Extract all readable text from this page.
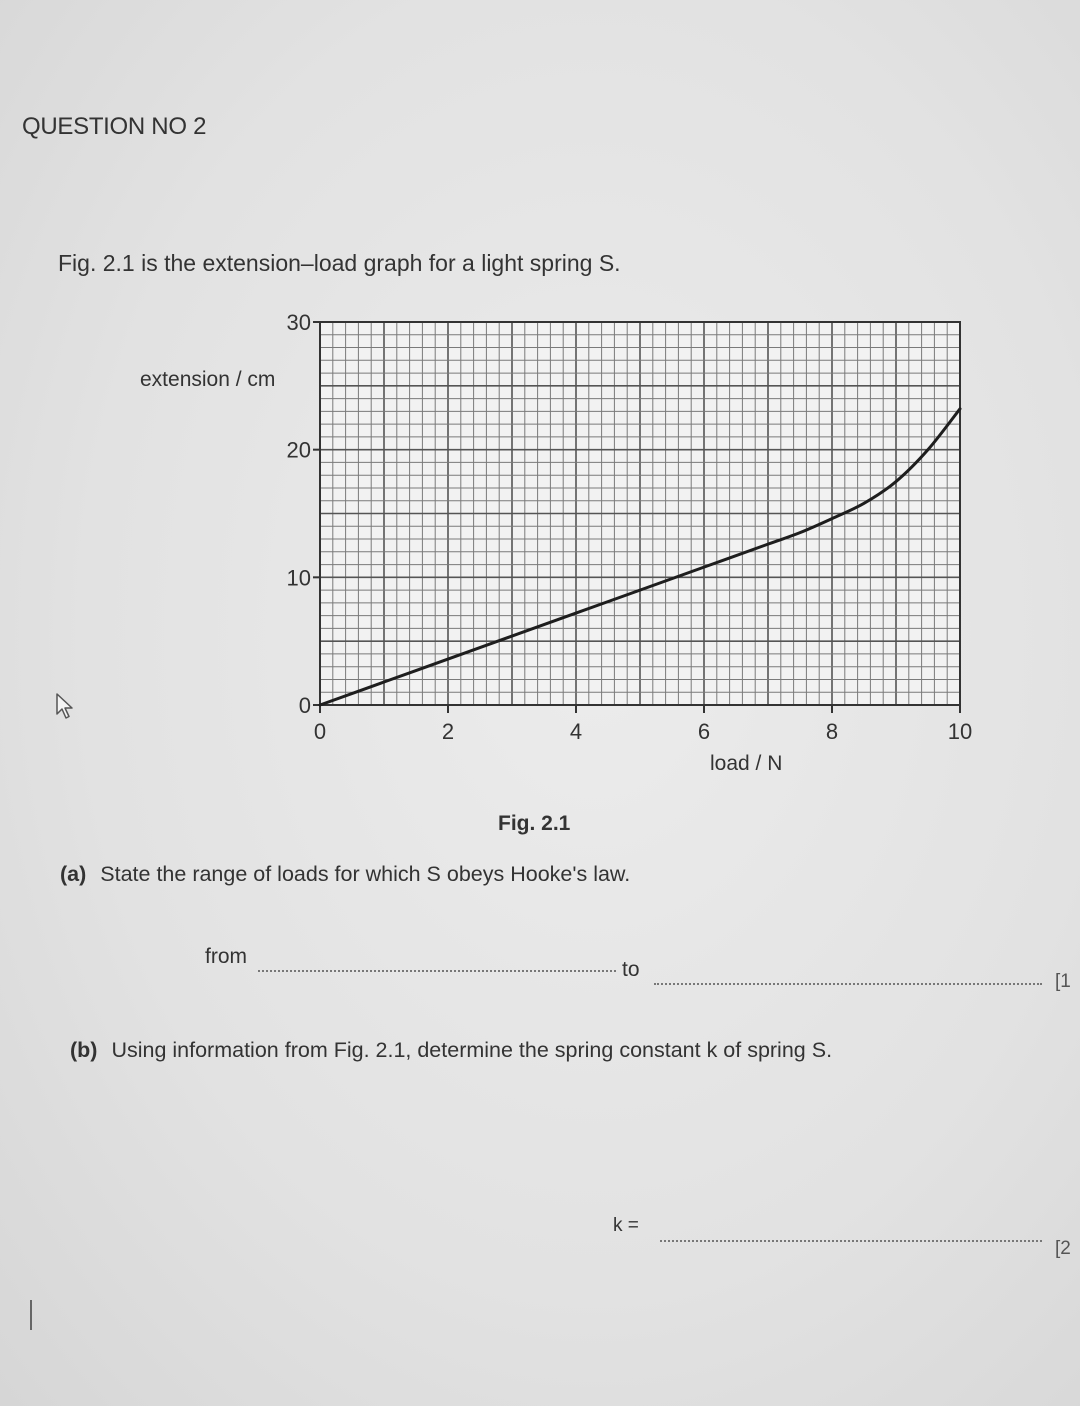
QUESTION NO 2
Fig. 2.1 is the extension–load graph for a light spring S.
extension / cm
0
10
20
30
0	2	4	6	8	10
load / N
Fig. 2.1
(a) State the range of loads for which S obeys Hooke's law.
from
to
[1
(b) Using information from Fig. 2.1, determine the spring constant k of spring S.
k =
[2
